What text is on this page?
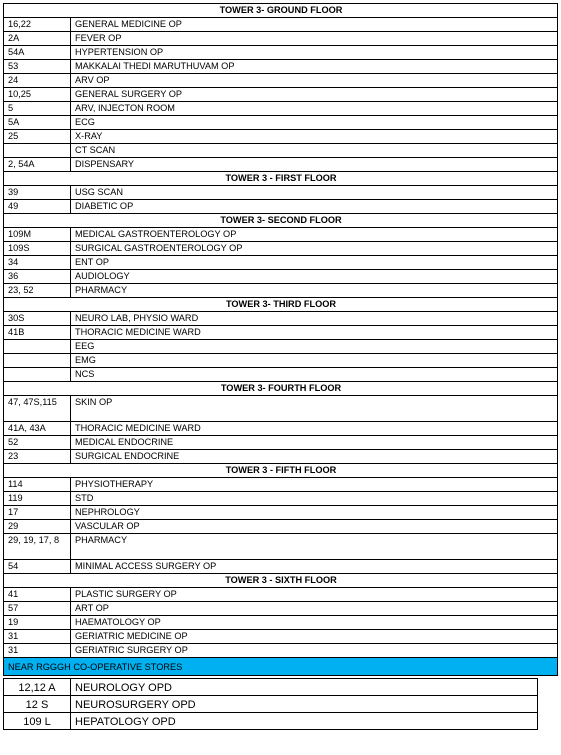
TOWER 3- GROUND FLOOR	
16,22	GENERAL MEDICINE OP
2A	FEVER OP
54A	HYPERTENSION OP
53	MAKKALAI THEDI MARUTHUVAM OP
24	ARV OP
10,25	GENERAL SURGERY OP
5	ARV, INJECTON ROOM
5A	ECG
25	X-RAY
	CT SCAN
2, 54A	DISPENSARY
TOWER 3 - FIRST FLOOR	
39	USG SCAN
49	DIABETIC OP
TOWER 3- SECOND FLOOR	
109M	MEDICAL GASTROENTEROLOGY OP
109S	SURGICAL GASTROENTEROLOGY OP
34	ENT OP
36	AUDIOLOGY
23, 52	PHARMACY
TOWER 3- THIRD FLOOR	
30S	NEURO LAB, PHYSIO WARD
41B	THORACIC MEDICINE WARD
	EEG
	EMG
	NCS
TOWER 3- FOURTH FLOOR	
47, 47S,115	SKIN OP
41A, 43A	THORACIC MEDICINE WARD
52	MEDICAL ENDOCRINE
23	SURGICAL ENDOCRINE
TOWER 3 - FIFTH FLOOR	
114	PHYSIOTHERAPY
119	STD
17	NEPHROLOGY
29	VASCULAR OP
29, 19, 17, 8	PHARMACY
54	MINIMAL ACCESS SURGERY OP
TOWER 3 - SIXTH FLOOR	
41	PLASTIC SURGERY OP
57	ART OP
19	HAEMATOLOGY OP
31	GERIATRIC MEDICINE OP
31	GERIATRIC SURGERY OP
NEAR RGGGH CO-OPERATIVE STORES	
12,12 A	NEUROLOGY OPD	
12 S	NEUROSURGERY OPD	
109 L	HEPATOLOGY OPD	
